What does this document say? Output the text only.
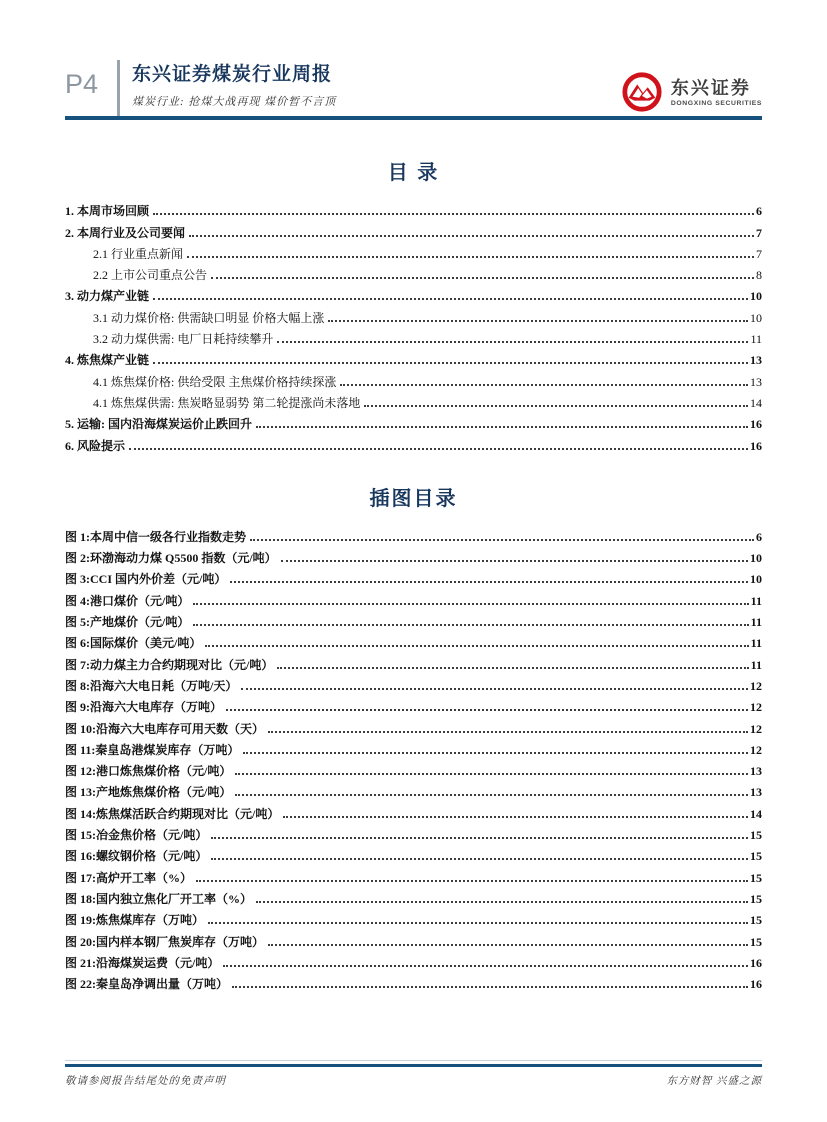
P4	东兴证券煤炭行业周报
煤炭行业: 抢煤大战再现 煤价暂不言顶
东兴证券
DONGXING SECURITIES
目 录
1. 本周市场回顾	6
2. 本周行业及公司要闻	7
2.1 行业重点新闻	7
2.2 上市公司重点公告	8
3. 动力煤产业链	10
3.1 动力煤价格: 供需缺口明显 价格大幅上涨	10
3.2 动力煤供需: 电厂日耗持续攀升	11
4. 炼焦煤产业链	13
4.1 炼焦煤价格: 供给受限 主焦煤价格持续探涨	13
4.1 炼焦煤供需: 焦炭略显弱势 第二轮提涨尚未落地	14
5. 运输: 国内沿海煤炭运价止跌回升	16
6. 风险提示	16
插图目录
图 1:本周中信一级各行业指数走势	6
图 2:环渤海动力煤 Q5500 指数（元/吨）	10
图 3:CCI 国内外价差（元/吨）	10
图 4:港口煤价（元/吨）	11
图 5:产地煤价（元/吨）	11
图 6:国际煤价（美元/吨）	11
图 7:动力煤主力合约期现对比（元/吨）	11
图 8:沿海六大电日耗（万吨/天）	12
图 9:沿海六大电库存（万吨）	12
图 10:沿海六大电库存可用天数（天）	12
图 11:秦皇岛港煤炭库存（万吨）	12
图 12:港口炼焦煤价格（元/吨）	13
图 13:产地炼焦煤价格（元/吨）	13
图 14:炼焦煤活跃合约期现对比（元/吨）	14
图 15:冶金焦价格（元/吨）	15
图 16:螺纹钢价格（元/吨）	15
图 17:高炉开工率（%）	15
图 18:国内独立焦化厂开工率（%）	15
图 19:炼焦煤库存（万吨）	15
图 20:国内样本钢厂焦炭库存（万吨）	15
图 21:沿海煤炭运费（元/吨）	16
图 22:秦皇岛净调出量（万吨）	16
敬请参阅报告结尾处的免责声明	东方财智 兴盛之源
